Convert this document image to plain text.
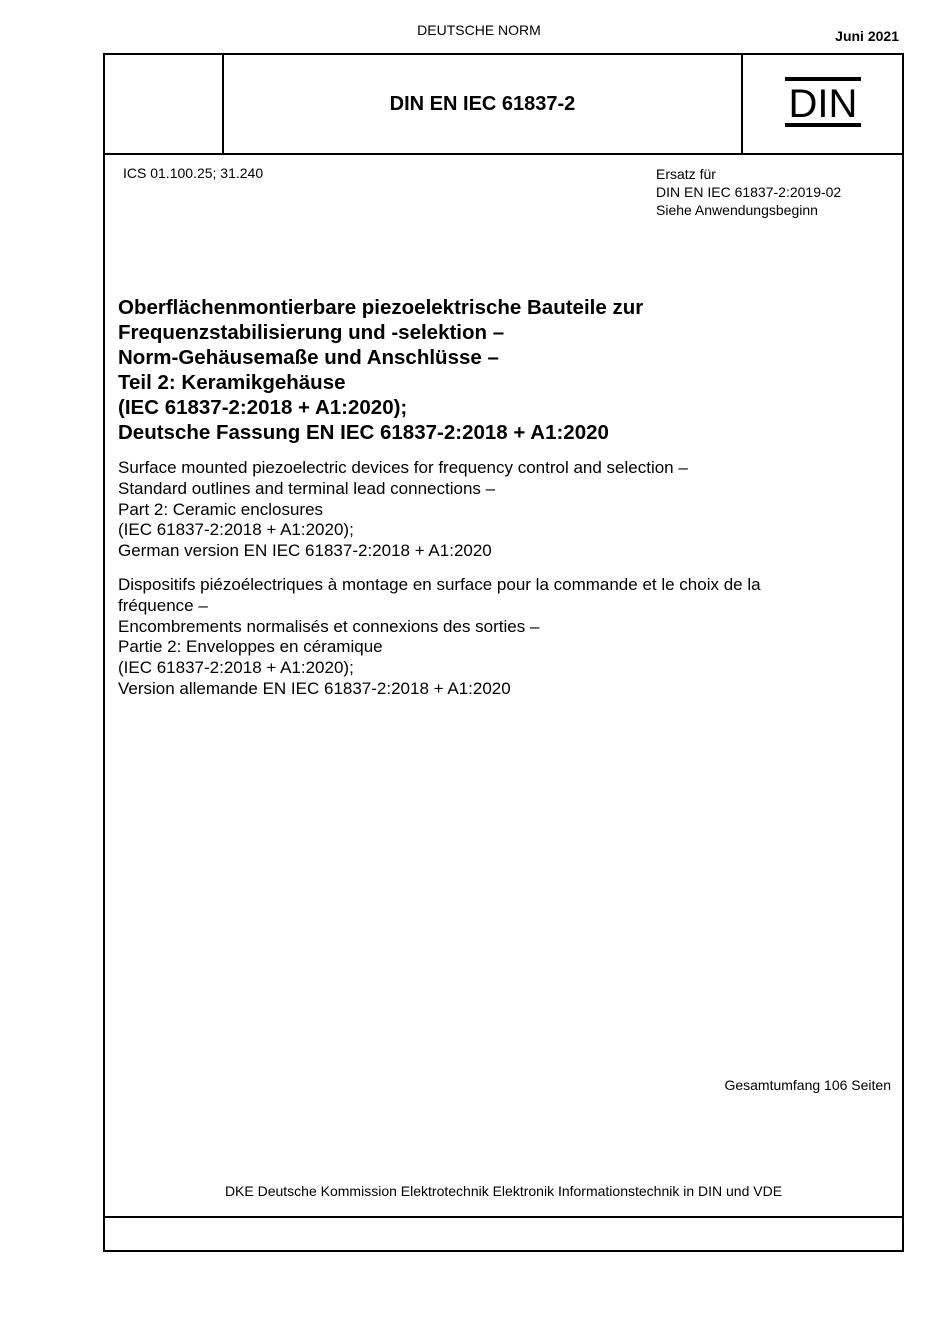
DEUTSCHE NORM	Juni 2021
DIN EN IEC 61837-2	DIN
ICS 01.100.25; 31.240	Ersatz für
DIN EN IEC 61837-2:2019-02
Siehe Anwendungsbeginn
Oberflächenmontierbare piezoelektrische Bauteile zur
Frequenzstabilisierung und -selektion –
Norm-Gehäusemaße und Anschlüsse –
Teil 2: Keramikgehäuse
(IEC 61837-2:2018 + A1:2020);
Deutsche Fassung EN IEC 61837-2:2018 + A1:2020
Surface mounted piezoelectric devices for frequency control and selection –
Standard outlines and terminal lead connections –
Part 2: Ceramic enclosures
(IEC 61837-2:2018 + A1:2020);
German version EN IEC 61837-2:2018 + A1:2020
Dispositifs piézoélectriques à montage en surface pour la commande et le choix de la
fréquence –
Encombrements normalisés et connexions des sorties –
Partie 2: Enveloppes en céramique
(IEC 61837-2:2018 + A1:2020);
Version allemande EN IEC 61837-2:2018 + A1:2020
Gesamtumfang 106 Seiten
DKE Deutsche Kommission Elektrotechnik Elektronik Informationstechnik in DIN und VDE
